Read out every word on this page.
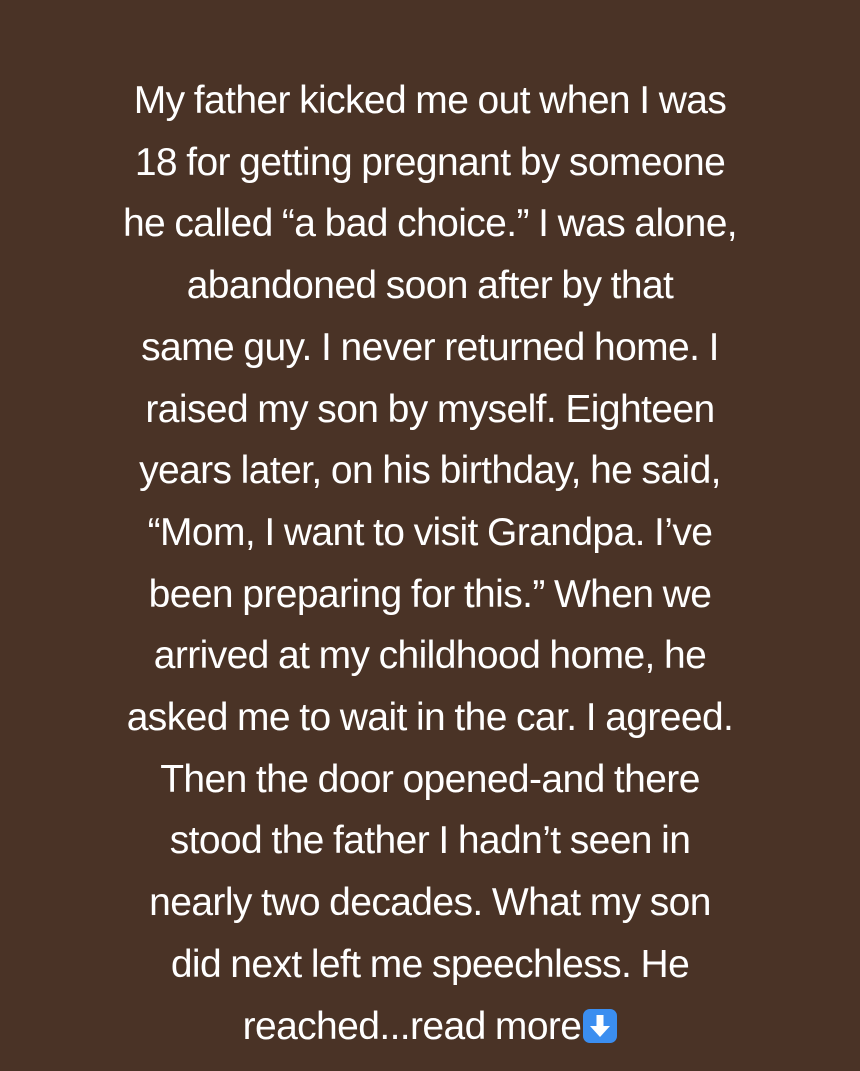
My father kicked me out when I was
18 for getting pregnant by someone
he called “a bad choice.” I was alone,
abandoned soon after by that
same guy. I never returned home. I
raised my son by myself. Eighteen
years later, on his birthday, he said,
“Mom, I want to visit Grandpa. I’ve
been preparing for this.” When we
arrived at my childhood home, he
asked me to wait in the car. I agreed.
Then the door opened-and there
stood the father I hadn’t seen in
nearly two decades. What my son
did next left me speechless. He
reached...read more
